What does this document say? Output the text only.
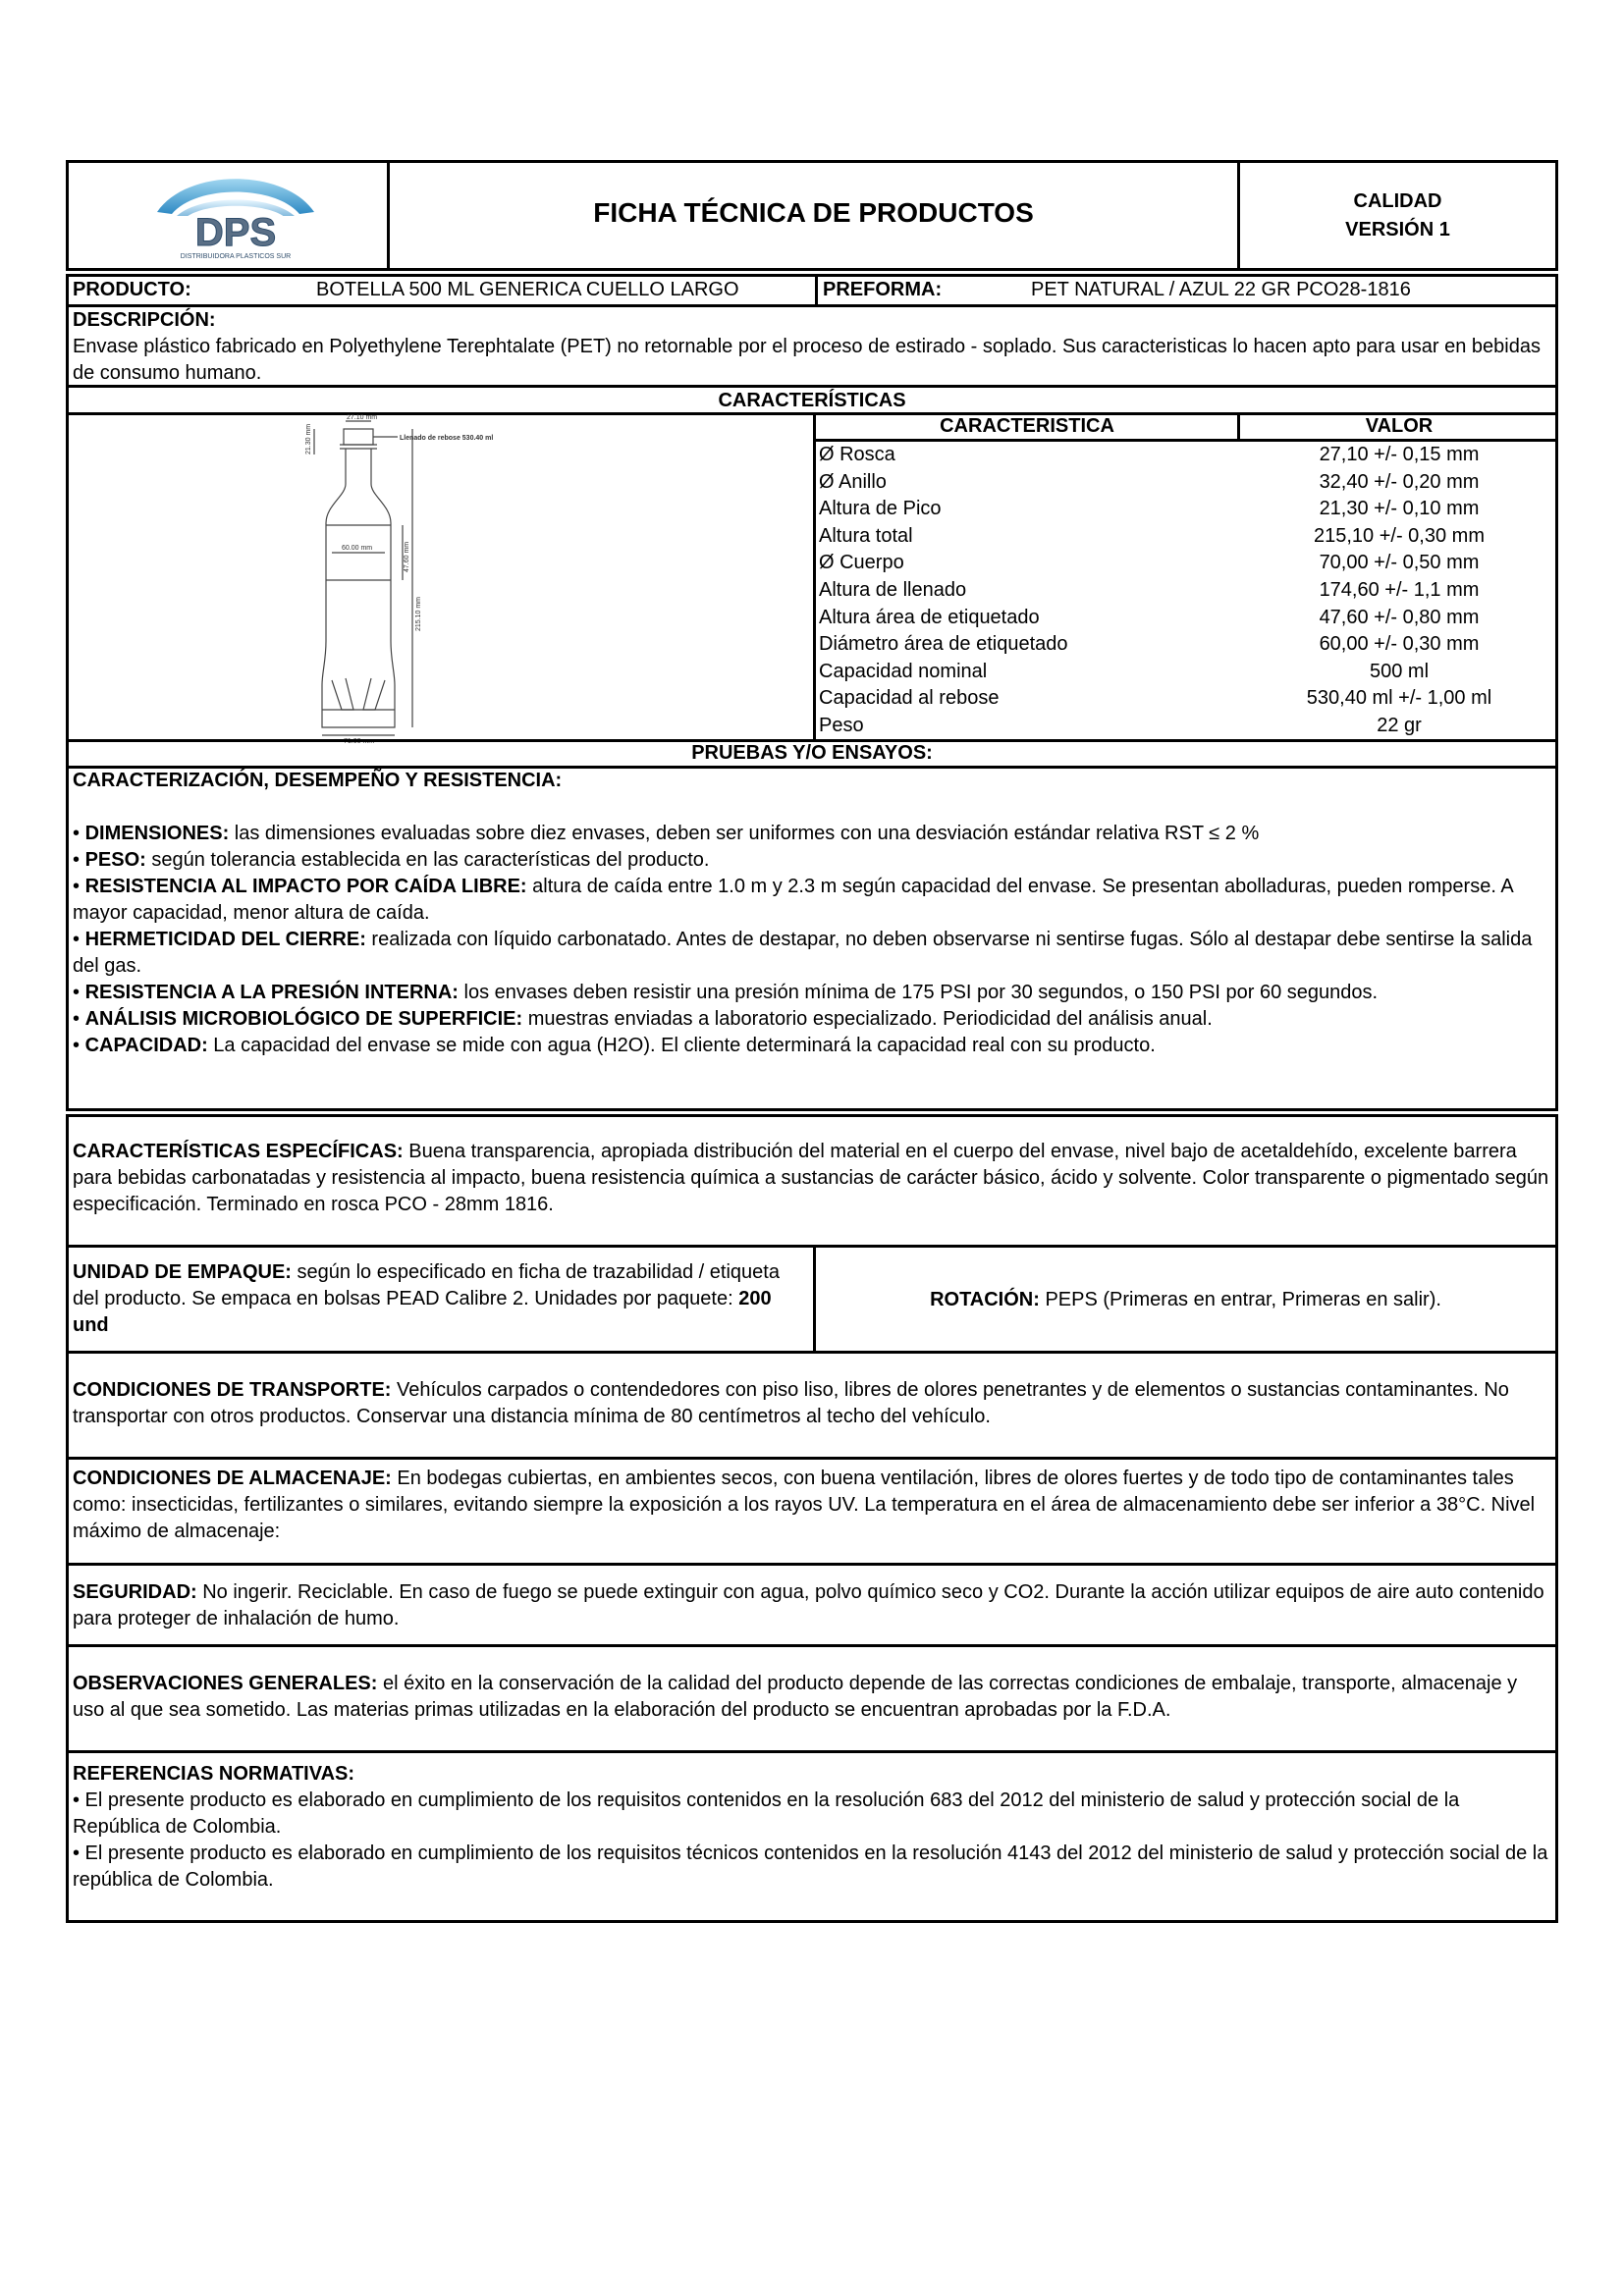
DPS
DISTRIBUIDORA PLASTICOS SUR
FICHA TÉCNICA DE PRODUCTOS	CALIDAD
VERSIÓN 1
PRODUCTO:	BOTELLA 500 ML GENERICA CUELLO LARGO	PREFORMA:	PET NATURAL / AZUL 22 GR PCO28-1816
DESCRIPCIÓN:
Envase plástico fabricado en Polyethylene Terephtalate (PET) no retornable por el proceso de estirado - soplado. Sus caracteristicas lo hacen apto para usar en bebidas de consumo humano.
CARACTERÍSTICAS
27.10 mm
21.30 mm	Llenado de rebose 530.40 ml
60.00 mm	47.60 mm
215.10 mm
71.00 mm
CARACTERISTICA	VALOR
Ø Rosca	27,10 +/- 0,15 mm
Ø Anillo	32,40 +/- 0,20 mm
Altura de Pico	21,30 +/- 0,10 mm
Altura total	215,10 +/- 0,30 mm
Ø Cuerpo	70,00 +/- 0,50 mm
Altura de llenado	174,60 +/- 1,1 mm
Altura área de etiquetado	47,60 +/- 0,80 mm
Diámetro área de etiquetado	60,00 +/- 0,30 mm
Capacidad nominal	500 ml
Capacidad al rebose	530,40 ml +/- 1,00 ml
Peso	22 gr
PRUEBAS Y/O ENSAYOS:
CARACTERIZACIÓN, DESEMPEÑO Y RESISTENCIA:
• DIMENSIONES: las dimensiones evaluadas sobre diez envases, deben ser uniformes con una desviación estándar relativa RST ≤ 2 %
• PESO: según tolerancia establecida en las características del producto.
• RESISTENCIA AL IMPACTO POR CAÍDA LIBRE: altura de caída entre 1.0 m y 2.3 m según capacidad del envase. Se presentan abolladuras, pueden romperse. A mayor capacidad, menor altura de caída.
• HERMETICIDAD DEL CIERRE: realizada con líquido carbonatado. Antes de destapar, no deben observarse ni sentirse fugas. Sólo al destapar debe sentirse la salida del gas.
• RESISTENCIA A LA PRESIÓN INTERNA: los envases deben resistir una presión mínima de 175 PSI por 30 segundos, o 150 PSI por 60 segundos.
• ANÁLISIS MICROBIOLÓGICO DE SUPERFICIE: muestras enviadas a laboratorio especializado. Periodicidad del análisis anual.
• CAPACIDAD: La capacidad del envase se mide con agua (H2O). El cliente determinará la capacidad real con su producto.
CARACTERÍSTICAS ESPECÍFICAS: Buena transparencia, apropiada distribución del material en el cuerpo del envase, nivel bajo de acetaldehído, excelente barrera para bebidas carbonatadas y resistencia al impacto, buena resistencia química a sustancias de carácter básico, ácido y solvente. Color transparente o pigmentado según especificación. Terminado en rosca PCO - 28mm 1816.
UNIDAD DE EMPAQUE: según lo especificado en ficha de trazabilidad / etiqueta del producto. Se empaca en bolsas PEAD Calibre 2. Unidades por paquete: 200 und
ROTACIÓN: PEPS (Primeras en entrar, Primeras en salir).
CONDICIONES DE TRANSPORTE: Vehículos carpados o contendedores con piso liso, libres de olores penetrantes y de elementos o sustancias contaminantes. No transportar con otros productos. Conservar una distancia mínima de 80 centímetros al techo del vehículo.
CONDICIONES DE ALMACENAJE: En bodegas cubiertas, en ambientes secos, con buena ventilación, libres de olores fuertes y de todo tipo de contaminantes tales como: insecticidas, fertilizantes o similares, evitando siempre la exposición a los rayos UV. La temperatura en el área de almacenamiento debe ser inferior a 38°C. Nivel máximo de almacenaje:
SEGURIDAD: No ingerir. Reciclable. En caso de fuego se puede extinguir con agua, polvo químico seco y CO2. Durante la acción utilizar equipos de aire auto contenido para proteger de inhalación de humo.
OBSERVACIONES GENERALES: el éxito en la conservación de la calidad del producto depende de las correctas condiciones de embalaje, transporte, almacenaje y uso al que sea sometido. Las materias primas utilizadas en la elaboración del producto se encuentran aprobadas por la F.D.A.
REFERENCIAS NORMATIVAS:
• El presente producto es elaborado en cumplimiento de los requisitos contenidos en la resolución 683 del 2012 del ministerio de salud y protección social de la República de Colombia.
• El presente producto es elaborado en cumplimiento de los requisitos técnicos contenidos en la resolución 4143 del 2012 del ministerio de salud y protección social de la república de Colombia.
